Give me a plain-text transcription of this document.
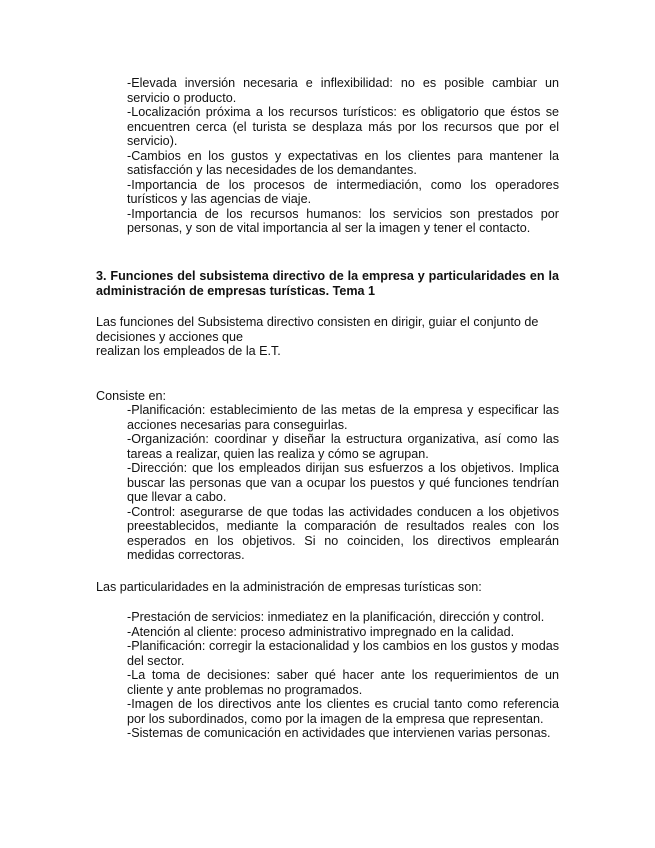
-Elevada inversión necesaria e inflexibilidad: no es posible cambiar un servicio o producto.

-Localización próxima a los recursos turísticos: es obligatorio que éstos se encuentren cerca (el turista se desplaza más por los recursos que por el servicio).

-Cambios en los gustos y expectativas en los clientes para mantener la satisfacción y las necesidades de los demandantes.

-Importancia de los procesos de intermediación, como los operadores turísticos y las agencias de viaje.

-Importancia de los recursos humanos: los servicios son prestados por personas, y son de vital importancia al ser la imagen y tener el contacto.

3. Funciones del subsistema directivo de la empresa y particularidades en la administración de empresas turísticas. Tema 1

Las funciones del Subsistema directivo consisten en dirigir, guiar el conjunto de decisiones y acciones que

realizan los empleados de la E.T.

Consiste en:

-Planificación: establecimiento de las metas de la empresa y especificar las acciones necesarias para conseguirlas.

-Organización: coordinar y diseñar la estructura organizativa, así como las tareas a realizar, quien las realiza y cómo se agrupan.

-Dirección: que los empleados dirijan sus esfuerzos a los objetivos. Implica buscar las personas que van a ocupar los puestos y qué funciones tendrían que llevar a cabo.

-Control: asegurarse de que todas las actividades conducen a los objetivos preestablecidos, mediante la comparación de resultados reales con los esperados en los objetivos. Si no coinciden, los directivos emplearán medidas correctoras.

Las particularidades en la administración de empresas turísticas son:

-Prestación de servicios: inmediatez en la planificación, dirección y control.

-Atención al cliente: proceso administrativo impregnado en la calidad.

-Planificación: corregir la estacionalidad y los cambios en los gustos y modas del sector.

-La toma de decisiones: saber qué hacer ante los requerimientos de un cliente y ante problemas no programados.

-Imagen de los directivos ante los clientes es crucial tanto como referencia por los subordinados, como por la imagen de la empresa que representan.

-Sistemas de comunicación en actividades que intervienen varias personas.
